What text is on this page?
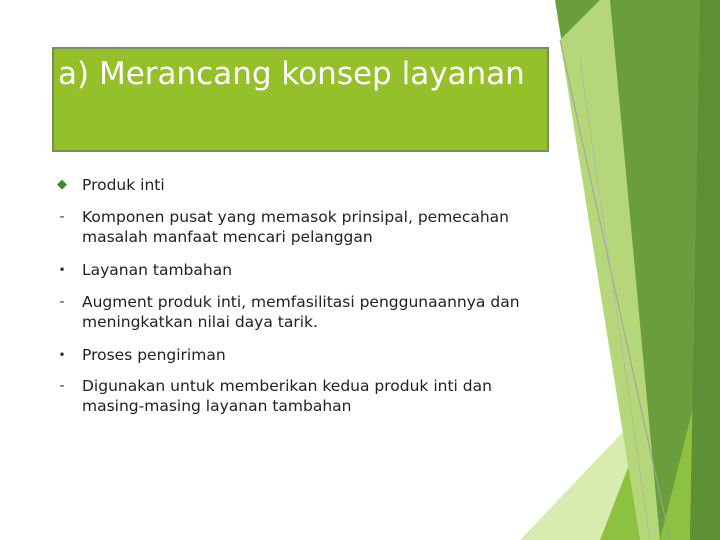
a) Merancang konsep layanan
◆ Produk inti
-	Komponen pusat yang memasok prinsipal, pemecahan masalah manfaat mencari pelanggan
•	Layanan tambahan
-	Augment produk inti, memfasilitasi penggunaannya dan meningkatkan nilai daya tarik.
•	Proses pengiriman
-	Digunakan untuk memberikan kedua produk inti dan masing-masing layanan tambahan
